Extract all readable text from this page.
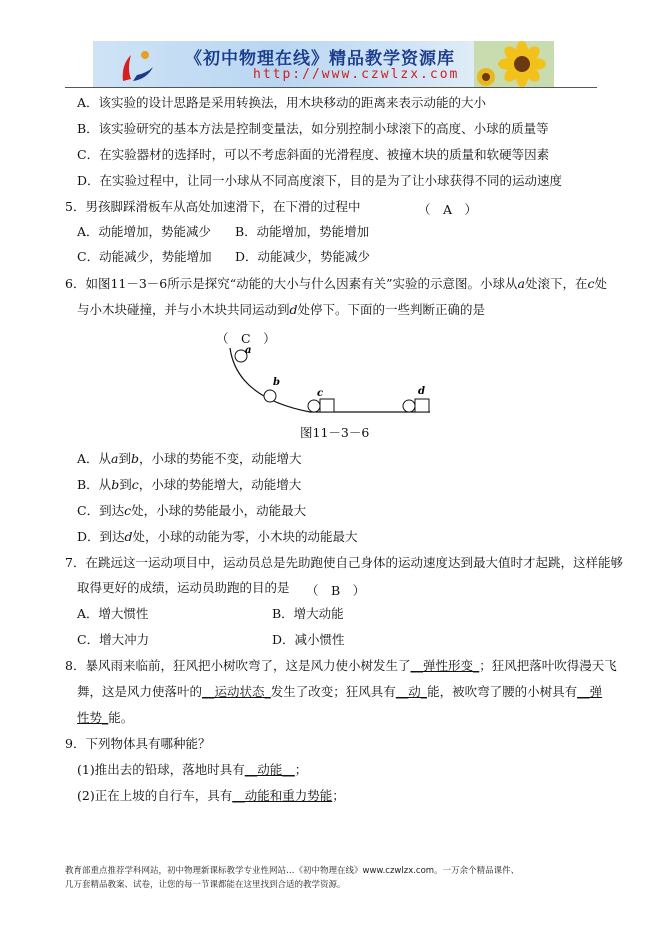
《初中物理在线》精品教学资源库
http://www.czwlzx.com
A．该实验的设计思路是采用转换法，用木块移动的距离来表示动能的大小
B．该实验研究的基本方法是控制变量法，如分别控制小球滚下的高度、小球的质量等
C．在实验器材的选择时，可以不考虑斜面的光滑程度、被撞木块的质量和软硬等因素
D．在实验过程中，让同一小球从不同高度滚下，目的是为了让小球获得不同的运动速度
5．男孩脚踩滑板车从高处加速滑下，在下滑的过程中	（　A　）
A．动能增加，势能减少 B．动能增加，势能增加
C．动能减少，势能增加 D．动能减少，势能减少
6．如图11－3－6所示是探究“动能的大小与什么因素有关”实验的示意图。小球从a处滚下，在c处
与小木块碰撞，并与小木块共同运动到d处停下。下面的一些判断正确的是
（　C　）
a
b
c	d
图11－3－6
A．从a到b，小球的势能不变，动能增大
B．从b到c，小球的势能增大，动能增大
C．到达c处，小球的势能最小，动能最大
D．到达d处，小球的动能为零，小木块的动能最大
7．在跳远这一运动项目中，运动员总是先助跑使自己身体的运动速度达到最大值时才起跳，这样能够
取得更好的成绩，运动员助跑的目的是 （　B　）
A．增大惯性	B．增大动能
C．增大冲力	D．减小惯性
8．暴风雨来临前，狂风把小树吹弯了，这是风力使小树发生了__弹性形变_；狂风把落叶吹得漫天飞
舞，这是风力使落叶的__运动状态_发生了改变；狂风具有__动_能，被吹弯了腰的小树具有__弹
性势_能。
9．下列物体具有哪种能？
(1)推出去的铅球，落地时具有__动能__；
(2)正在上坡的自行车，具有__动能和重力势能；
教育部重点推荐学科网站，初中物理新课标教学专业性网站…《初中物理在线》www.czwlzx.com。一万余个精品课件、
几万套精品教案、试卷，让您的每一节课都能在这里找到合适的教学资源。
